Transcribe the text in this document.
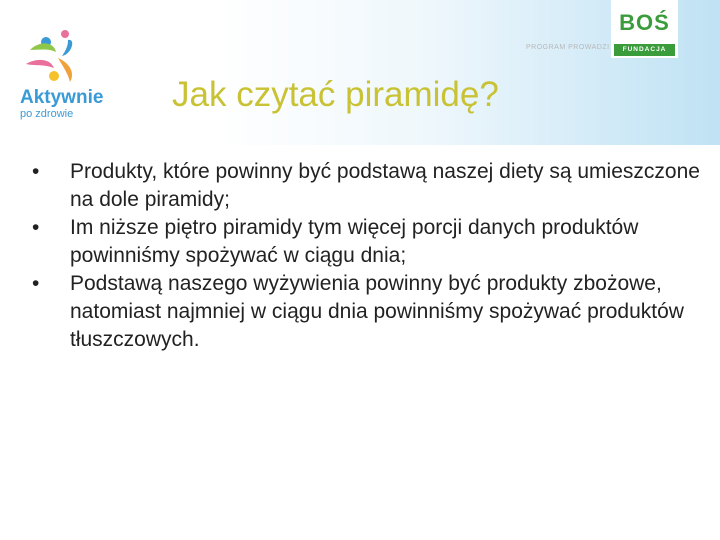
Aktywnie
po zdrowie
PROGRAM PROWADZI
BOŚ
FUNDACJA
Jak czytać piramidę?
• Produkty, które powinny być podstawą naszej diety są umieszczone na dole piramidy;
• Im niższe piętro piramidy tym więcej porcji danych produktów powinniśmy spożywać w ciągu dnia;
• Podstawą naszego wyżywienia powinny być produkty zbożowe, natomiast najmniej w ciągu dnia powinniśmy spożywać produktów tłuszczowych.
